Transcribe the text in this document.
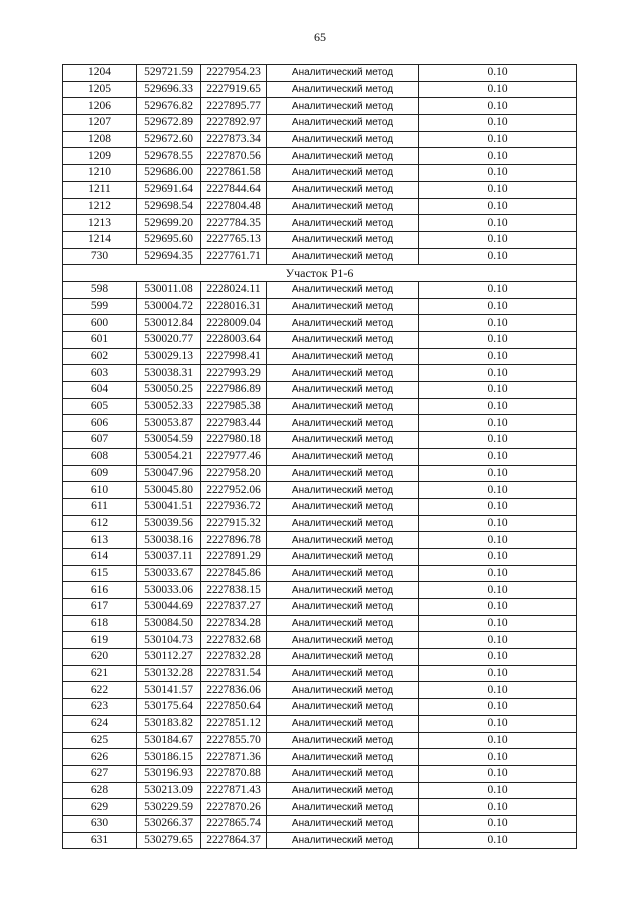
65
1204	529721.59	2227954.23	Аналитический метод	0.10
1205	529696.33	2227919.65	Аналитический метод	0.10
1206	529676.82	2227895.77	Аналитический метод	0.10
1207	529672.89	2227892.97	Аналитический метод	0.10
1208	529672.60	2227873.34	Аналитический метод	0.10
1209	529678.55	2227870.56	Аналитический метод	0.10
1210	529686.00	2227861.58	Аналитический метод	0.10
1211	529691.64	2227844.64	Аналитический метод	0.10
1212	529698.54	2227804.48	Аналитический метод	0.10
1213	529699.20	2227784.35	Аналитический метод	0.10
1214	529695.60	2227765.13	Аналитический метод	0.10
730	529694.35	2227761.71	Аналитический метод	0.10
Участок Р1-6				
598	530011.08	2228024.11	Аналитический метод	0.10
599	530004.72	2228016.31	Аналитический метод	0.10
600	530012.84	2228009.04	Аналитический метод	0.10
601	530020.77	2228003.64	Аналитический метод	0.10
602	530029.13	2227998.41	Аналитический метод	0.10
603	530038.31	2227993.29	Аналитический метод	0.10
604	530050.25	2227986.89	Аналитический метод	0.10
605	530052.33	2227985.38	Аналитический метод	0.10
606	530053.87	2227983.44	Аналитический метод	0.10
607	530054.59	2227980.18	Аналитический метод	0.10
608	530054.21	2227977.46	Аналитический метод	0.10
609	530047.96	2227958.20	Аналитический метод	0.10
610	530045.80	2227952.06	Аналитический метод	0.10
611	530041.51	2227936.72	Аналитический метод	0.10
612	530039.56	2227915.32	Аналитический метод	0.10
613	530038.16	2227896.78	Аналитический метод	0.10
614	530037.11	2227891.29	Аналитический метод	0.10
615	530033.67	2227845.86	Аналитический метод	0.10
616	530033.06	2227838.15	Аналитический метод	0.10
617	530044.69	2227837.27	Аналитический метод	0.10
618	530084.50	2227834.28	Аналитический метод	0.10
619	530104.73	2227832.68	Аналитический метод	0.10
620	530112.27	2227832.28	Аналитический метод	0.10
621	530132.28	2227831.54	Аналитический метод	0.10
622	530141.57	2227836.06	Аналитический метод	0.10
623	530175.64	2227850.64	Аналитический метод	0.10
624	530183.82	2227851.12	Аналитический метод	0.10
625	530184.67	2227855.70	Аналитический метод	0.10
626	530186.15	2227871.36	Аналитический метод	0.10
627	530196.93	2227870.88	Аналитический метод	0.10
628	530213.09	2227871.43	Аналитический метод	0.10
629	530229.59	2227870.26	Аналитический метод	0.10
630	530266.37	2227865.74	Аналитический метод	0.10
631	530279.65	2227864.37	Аналитический метод	0.10
